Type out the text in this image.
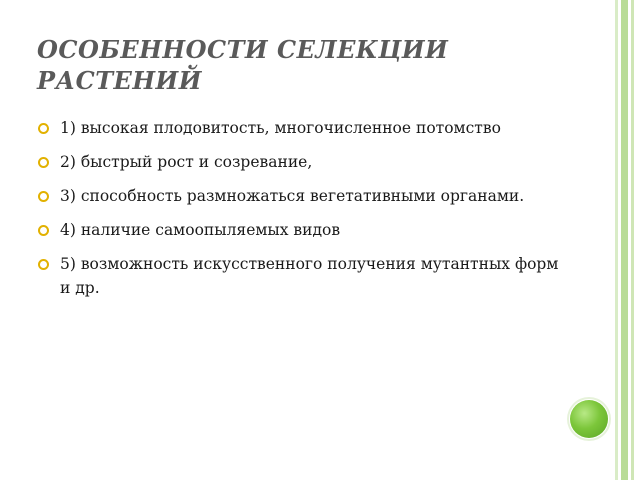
ОСОБЕННОСТИ СЕЛЕКЦИИ РАСТЕНИЙ
1) высокая плодовитость, многочисленное потомство
2) быстрый рост и созревание,
3) способность размножаться вегетативными органами.
4) наличие самоопыляемых видов
5) возможность искусственного получения мутантных форм и др.
